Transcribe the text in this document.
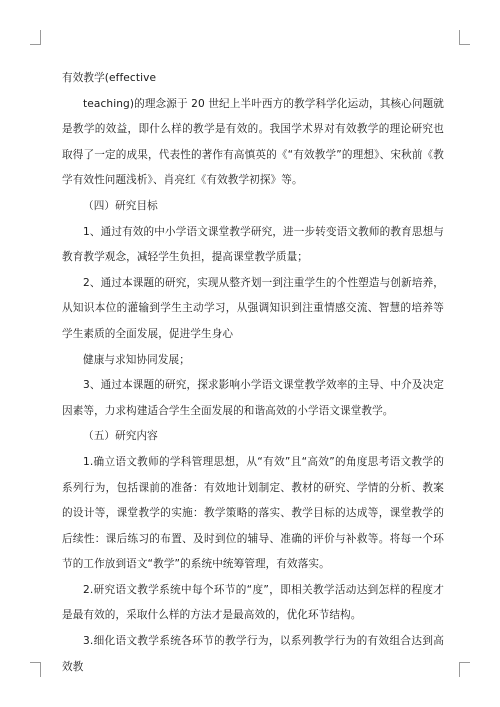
有效教学(effective

teaching)的理念源于 20 世纪上半叶西方的教学科学化运动，其核心问题就是教学的效益，即什么样的教学是有效的。我国学术界对有效教学的理论研究也取得了一定的成果，代表性的著作有高慎英的《“有效教学”的理想》、宋秋前《教学有效性问题浅析》、肖亮红《有效教学初探》等。

（四）研究目标

1、通过有效的中小学语文课堂教学研究，进一步转变语文教师的教育思想与教育教学观念，减轻学生负担，提高课堂教学质量；

2、通过本课题的研究，实现从整齐划一到注重学生的个性塑造与创新培养，从知识本位的灌输到学生主动学习，从强调知识到注重情感交流、智慧的培养等学生素质的全面发展，促进学生身心

健康与求知协同发展；

3、通过本课题的研究，探求影响小学语文课堂教学效率的主导、中介及决定因素等，力求构建适合学生全面发展的和谐高效的小学语文课堂教学。

（五）研究内容

1.确立语文教师的学科管理思想，从“有效”且“高效”的角度思考语文教学的系列行为，包括课前的准备：有效地计划制定、教材的研究、学情的分析、教案的设计等，课堂教学的实施：教学策略的落实、教学目标的达成等，课堂教学的后续性：课后练习的布置、及时到位的辅导、准确的评价与补救等。将每一个环节的工作放到语文“教学”的系统中统筹管理，有效落实。

2.研究语文教学系统中每个环节的“度”，即相关教学活动达到怎样的程度才是最有效的，采取什么样的方法才是最高效的，优化环节结构。

3.细化语文教学系统各环节的教学行为，以系列教学行为的有效组合达到高效教
